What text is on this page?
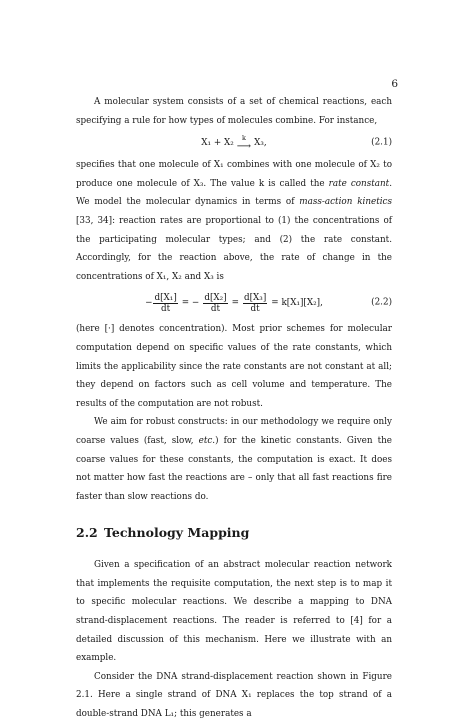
6

A molecular system consists of a set of chemical reactions, each specifying a rule for how types of molecules combine. For instance,

X₁ + X₂ k
⟶ X₃,	(2.1)

specifies that one molecule of X₁ combines with one molecule of X₂ to produce one molecule of X₃. The value k is called the rate constant. We model the molecular dynamics in terms of mass-action kinetics [33, 34]: reaction rates are proportional to (1) the concentrations of the participating molecular types; and (2) the rate constant. Accordingly, for the reaction above, the rate of change in the concentrations of X₁, X₂ and X₃ is

− $\frac{\text{d[X₁]}}{dt}$ = − $\frac{\text{d[X₂]}}{dt} = \frac{\text{d[X₃]}}{dt} = k[X_1][X_2]$,	(2.2)

(here [·] denotes concentration). Most prior schemes for molecular computation depend on specific values of the rate constants, which limits the applicability since the rate constants are not constant at all; they depend on factors such as cell volume and temperature. The results of the computation are not robust.

We aim for robust constructs: in our methodology we require only coarse values (fast, slow, etc.) for the kinetic constants. Given the coarse values for these constants, the computation is exact. It does not matter how fast the reactions are – only that all fast reactions fire faster than slow reactions do.

2.2 Technology Mapping

Given a specification of an abstract molecular reaction network that implements the requisite computation, the next step is to map it to specific molecular reactions. We describe a mapping to DNA strand-displacement reactions. The reader is referred to [4] for a detailed discussion of this mechanism. Here we illustrate with an example.

Consider the DNA strand-displacement reaction shown in Figure 2.1. Here a single strand of DNA X₁ replaces the top strand of a double-strand DNA L₁; this generates a
